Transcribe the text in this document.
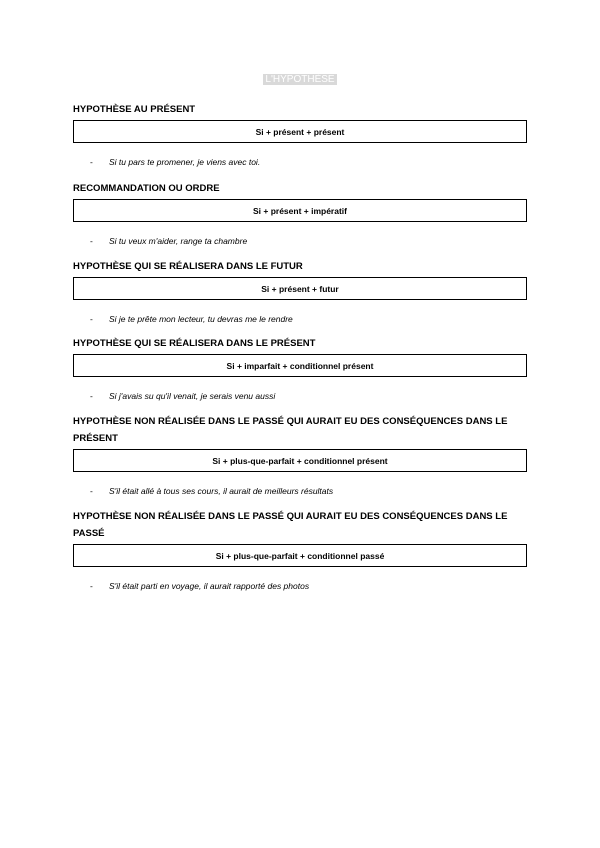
L'HYPOTHÈSE
HYPOTHÈSE AU PRÉSENT
Si + présent + présent
-	Si tu pars te promener, je viens avec toi.
RECOMMANDATION OU ORDRE
Si + présent + impératif
-	Si tu veux m'aider, range ta chambre
HYPOTHÈSE QUI SE RÉALISERA DANS LE FUTUR
Si + présent + futur
-	Si je te prête mon lecteur, tu devras me le rendre
HYPOTHÈSE QUI SE RÉALISERA DANS LE PRÉSENT
Si + imparfait + conditionnel présent
-	Si j'avais su qu'il venait, je serais venu aussi
HYPOTHÈSE NON RÉALISÉE DANS LE PASSÉ QUI AURAIT EU DES CONSÉQUENCES DANS LE PRÉSENT
Si + plus-que-parfait + conditionnel présent
-	S'il était allé à tous ses cours, il aurait de meilleurs résultats
HYPOTHÈSE NON RÉALISÉE DANS LE PASSÉ QUI AURAIT EU DES CONSÉQUENCES DANS LE PASSÉ
Si + plus-que-parfait + conditionnel passé
-	S'il était parti en voyage, il aurait rapporté des photos
